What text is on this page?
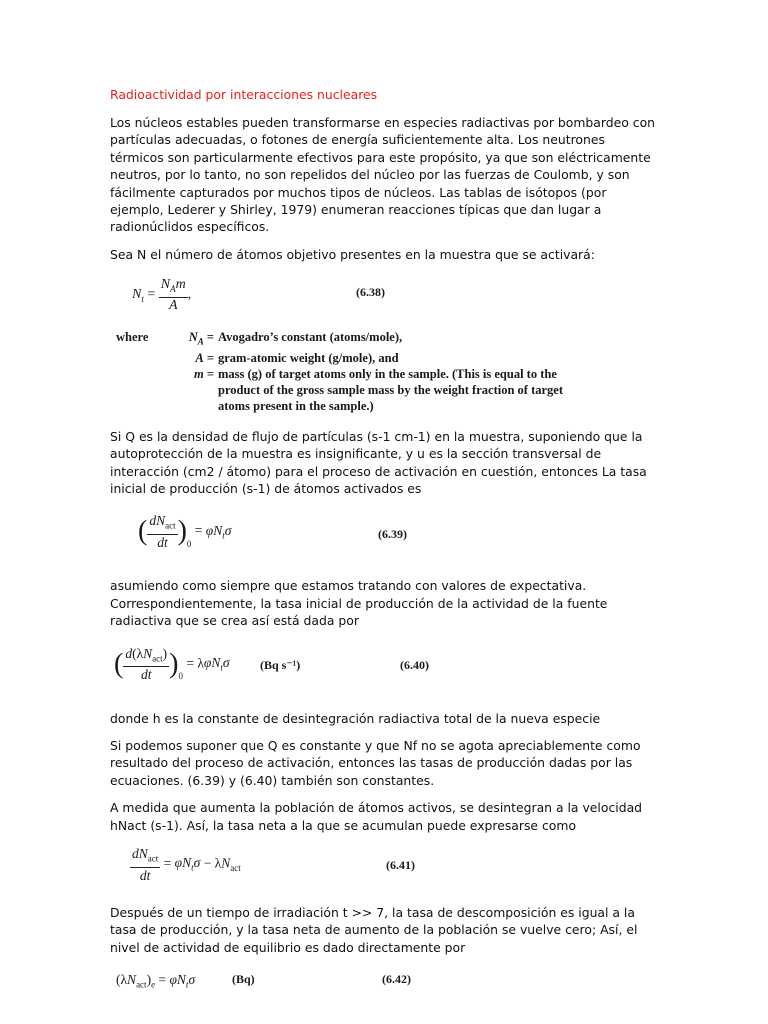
Radioactividad por interacciones nucleares

Los núcleos estables pueden transformarse en especies radiactivas por bombardeo con partículas adecuadas, o fotones de energía suficientemente alta. Los neutrones térmicos son particularmente efectivos para este propósito, ya que son eléctricamente neutros, por lo tanto, no son repelidos del núcleo por las fuerzas de Coulomb, y son fácilmente capturados por muchos tipos de núcleos. Las tablas de isótopos (por ejemplo, Lederer y Shirley, 1979) enumeran reacciones típicas que dan lugar a radionúclidos específicos.

Sea N el número de átomos objetivo presentes en la muestra que se activará:

$N_t = \frac{N_Am}{A}$ ,	(6.38)
where	$N_A$ =	Avogadro’s constant (atoms/mole),
	A =	gram-atomic weight (g/mole), and
	m =	mass (g) of target atoms only in the sample. (This is equal to the product of the gross sample mass by the weight fraction of target atoms present in the sample.)

Si Q es la densidad de flujo de partículas (s-1 cm-1) en la muestra, suponiendo que la autoprotección de la muestra es insignificante, y u es la sección transversal de interacción (cm2 / átomo) para el proceso de activación en cuestión, entonces La tasa inicial de producción (s-1) de átomos activados es

( $\frac{dN_{act}}{dt} )_0 = \varphi N_t\sigma$	(6.39)

asumiendo como siempre que estamos tratando con valores de expectativa. Correspondientemente, la tasa inicial de producción de la actividad de la fuente radiactiva que se crea así está dada por

( $\frac{d(\lambda N_{act})}{dt} )_0 = \lambda\varphi N_t\sigma$	(Bq s⁻¹)	(6.40)

donde h es la constante de desintegración radiactiva total de la nueva especie

Si podemos suponer que Q es constante y que Nf no se agota apreciablemente como resultado del proceso de activación, entonces las tasas de producción dadas por las ecuaciones. (6.39) y (6.40) también son constantes.

A medida que aumenta la población de átomos activos, se desintegran a la velocidad hNact (s-1). Así, la tasa neta a la que se acumulan puede expresarse como

$\frac{dN_{act}}{dt} = \varphi N_t\sigma - \lambda N_{act}$	(6.41)

Después de un tiempo de irradiación t >> 7, la tasa de descomposición es igual a la tasa de producción, y la tasa neta de aumento de la población se vuelve cero; Así, el nivel de actividad de equilibrio es dado directamente por

$(\lambda N_{act})_e = \varphi N_t\sigma$	(Bq)	(6.42)
